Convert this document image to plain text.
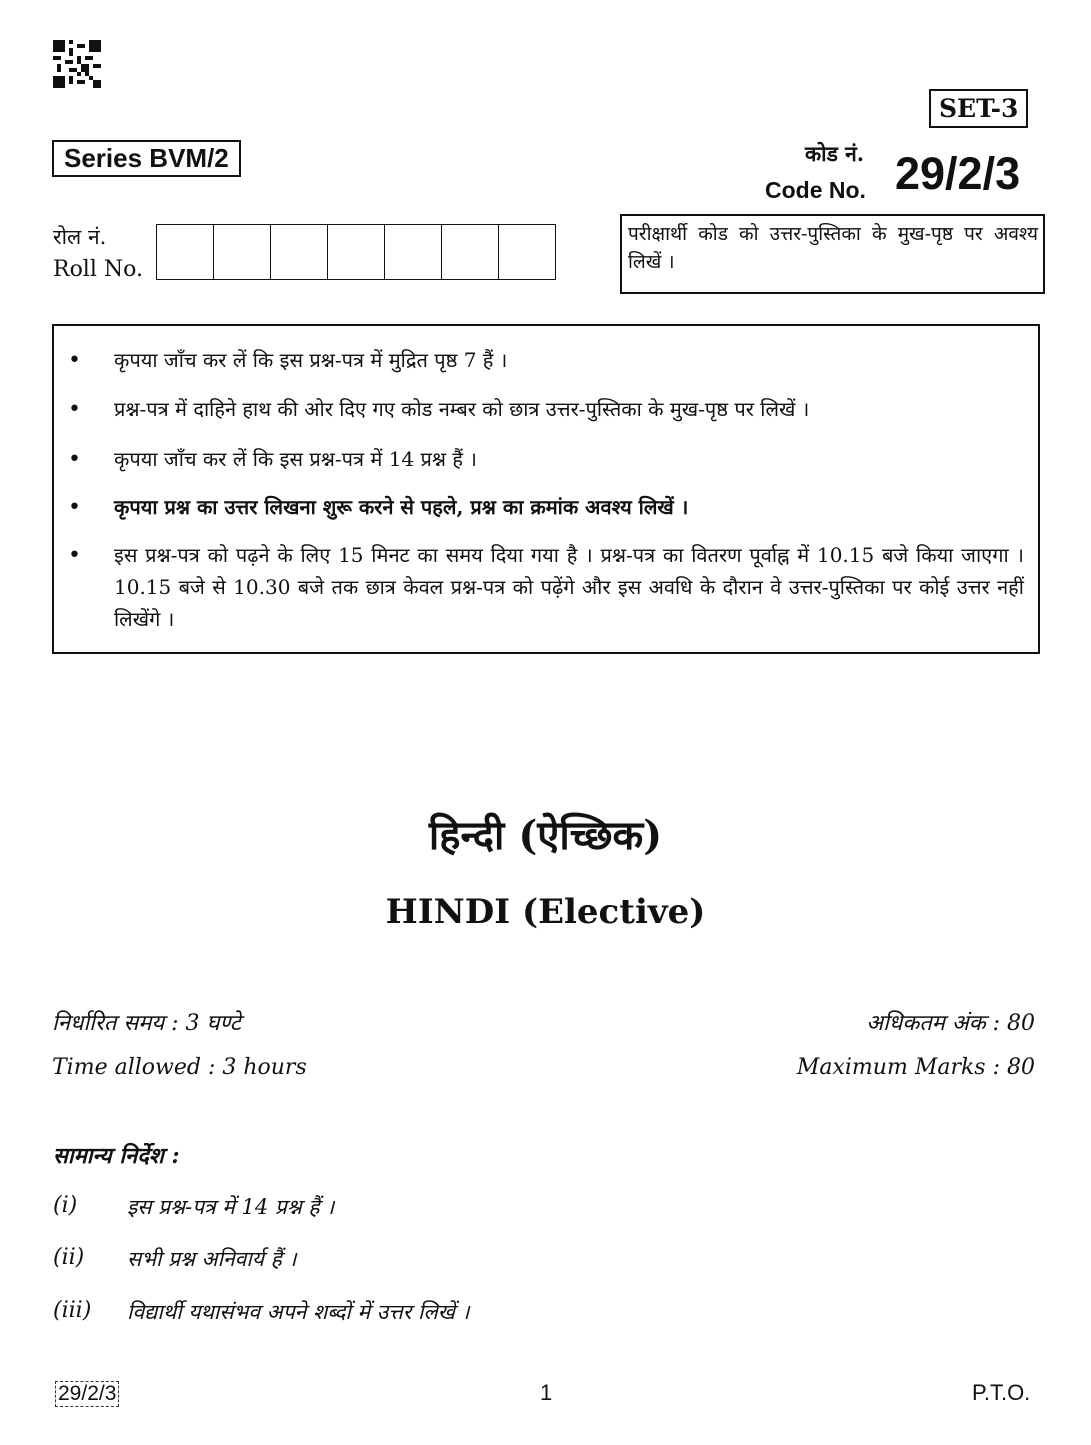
SET-3
Series BVM/2	कोड नं.
Code No. 29/2/3
रोल नं.
Roll No.
परीक्षार्थी कोड को उत्तर-पुस्तिका के मुख-पृष्ठ पर अवश्य लिखें ।
• कृपया जाँच कर लें कि इस प्रश्न-पत्र में मुद्रित पृष्ठ 7 हैं ।
• प्रश्न-पत्र में दाहिने हाथ की ओर दिए गए कोड नम्बर को छात्र उत्तर-पुस्तिका के मुख-पृष्ठ पर लिखें ।
• कृपया जाँच कर लें कि इस प्रश्न-पत्र में 14 प्रश्न हैं ।
• कृपया प्रश्न का उत्तर लिखना शुरू करने से पहले, प्रश्न का क्रमांक अवश्य लिखें ।
• इस प्रश्न-पत्र को पढ़ने के लिए 15 मिनट का समय दिया गया है । प्रश्न-पत्र का वितरण पूर्वाह्न में 10.15 बजे किया जाएगा । 10.15 बजे से 10.30 बजे तक छात्र केवल प्रश्न-पत्र को पढ़ेंगे और इस अवधि के दौरान वे उत्तर-पुस्तिका पर कोई उत्तर नहीं लिखेंगे ।
हिन्दी (ऐच्छिक)
HINDI (Elective)
निर्धारित समय : 3 घण्टे	अधिकतम अंक : 80
Time allowed : 3 hours	Maximum Marks : 80
सामान्य निर्देश :
(i) इस प्रश्न-पत्र में 14 प्रश्न हैं ।
(ii) सभी प्रश्न अनिवार्य हैं ।
(iii) विद्यार्थी यथासंभव अपने शब्दों में उत्तर लिखें ।
29/2/3	1	P.T.O.
